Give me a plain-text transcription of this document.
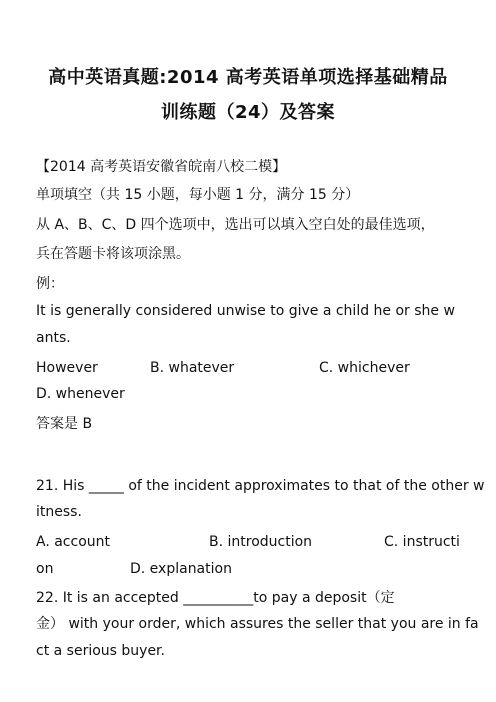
高中英语真题:2014 高考英语单项选择基础精品
训练题（24）及答案
【2014 高考英语安徽省皖南八校二模】
单项填空（共 15 小题，每小题 1 分，满分 15 分）
从 A、B、C、D 四个选项中，选出可以填入空白处的最佳选项，
兵在答题卡将该项涂黑。
例：
It is generally considered unwise to give a child he or she w
ants.
However	B. whatever	C. whichever
D. whenever
答案是 B
21. His _____ of the incident approximates to that of the other w
itness.
A. account	B. introduction	C. instructi
on	D. explanation
22. It is an accepted __________to pay a deposit（定
金） with your order, which assures the seller that you are in fa
ct a serious buyer.
